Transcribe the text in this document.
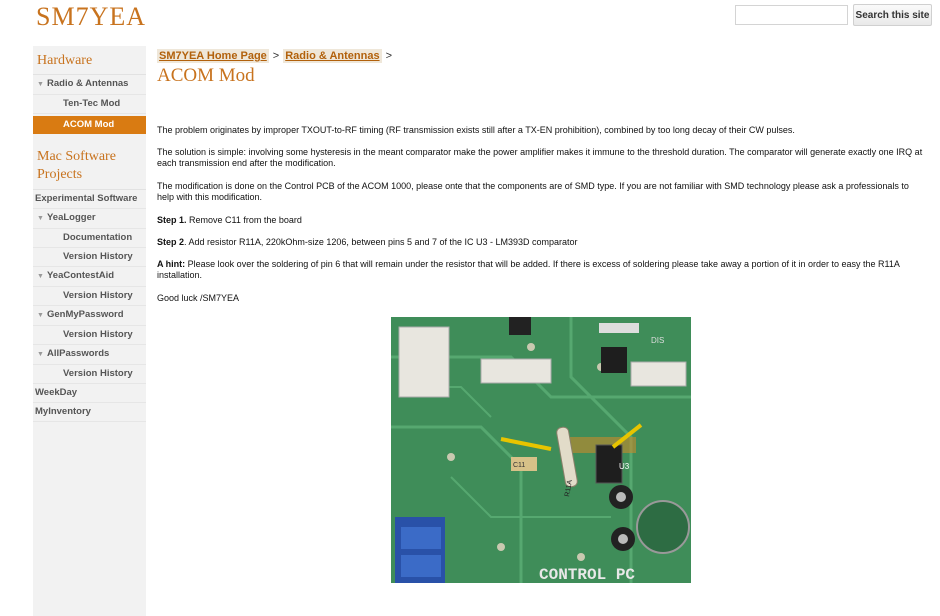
SM7YEA	Search this site
Hardware
▼ Radio & Antennas
Ten-Tec Mod
ACOM Mod
Mac Software Projects
Experimental Software
▼ YeaLogger
Documentation
Version History
▼ YeaContestAid
Version History
▼ GenMyPassword
Version History
▼ AllPasswords
Version History
WeekDay
MyInventory
SM7YEA Home Page > Radio & Antennas >
ACOM Mod

The problem originates by improper TXOUT-to-RF timing (RF transmission exists still after a TX-EN prohibition), combined by too long decay of their CW pulses.

The solution is simple: involving some hysteresis in the meant comparator make the power amplifier makes it immune to the threshold duration. The comparator will generate exactly one IRQ at each transmission end after the modification.

The modification is done on the Control PCB of the ACOM 1000, please onte that the components are of SMD type. If you are not familiar with SMD technology please ask a professionals to help with this modification.

Step 1. Remove C11 from the board

Step 2. Add resistor R11A, 220kOhm-size 1206, between pins 5 and 7 of the IC U3 - LM393D comparator

A hint: Please look over the soldering of pin 6 that will remain under the resistor that will be added. If there is excess of soldering please take away a portion of it in order to easy the R11A installation.

Good luck /SM7YEA

DIS
U3
R11A
C11
CONTROL PC
